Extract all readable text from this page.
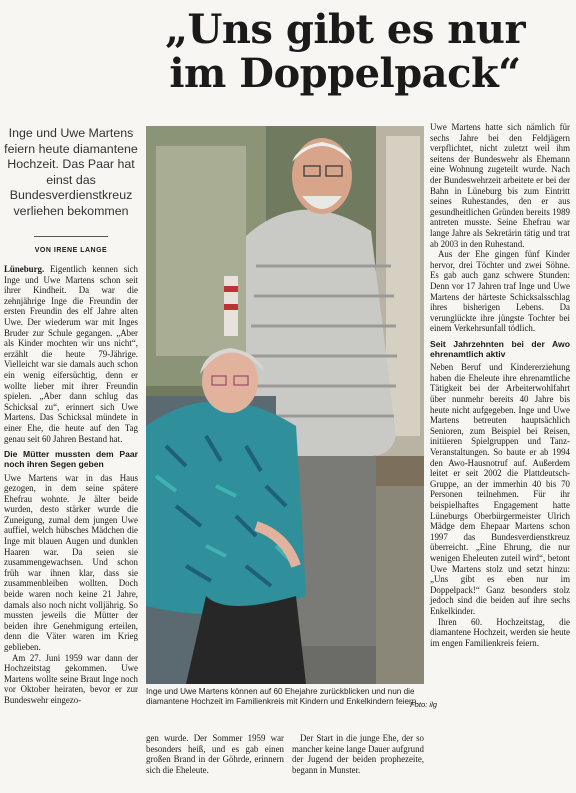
„Uns gibt es nur
im Doppelpack“
Inge und Uwe Martens feiern heute diamantene Hochzeit. Das Paar hat einst das Bundesverdienstkreuz verliehen bekommen
VON IRENE LANGE

Lüneburg. Eigentlich kennen sich Inge und Uwe Martens schon seit ihrer Kindheit. Da war die zehnjährige Inge die Freundin der ersten Freundin des elf Jahre alten Uwe. Der wiederum war mit Inges Bruder zur Schule gegangen. „Aber als Kinder mochten wir uns nicht“, erzählt die heute 79-Jährige. Vielleicht war sie damals auch schon ein wenig eifersüchtig, denn er wollte lieber mit ihrer Freundin spielen. „Aber dann schlug das Schicksal zu“, erinnert sich Uwe Martens. Das Schicksal mündete in einer Ehe, die heute auf den Tag genau seit 60 Jahren Bestand hat.

Die Mütter mussten dem Paar noch ihren Segen geben

Uwe Martens war in das Haus gezogen, in dem seine spätere Ehefrau wohnte. Je älter beide wurden, desto stärker wurde die Zuneigung, zumal dem jungen Uwe auffiel, welch hübsches Mädchen die Inge mit blauen Augen und dunklen Haaren war. Da seien sie zusammengewachsen. Und schon früh war ihnen klar, dass sie zusammenbleiben wollten. Doch beide waren noch keine 21 Jahre, damals also noch nicht volljährig. So mussten jeweils die Mütter der beiden ihre Genehmigung erteilen, denn die Väter waren im Krieg geblieben.

Am 27. Juni 1959 war dann der Hochzeitstag gekommen. Uwe Martens wollte seine Braut Inge noch vor Oktober heiraten, bevor er zur Bundeswehr eingezo-

Inge und Uwe Martens können auf 60 Ehejahre zurückblicken und nun die diamantene Hochzeit im Familienkreis mit Kindern und Enkelkindern feiern.
Foto: ilg

Uwe Martens hatte sich nämlich für sechs Jahre bei den Feldjägern verpflichtet, nicht zuletzt weil ihm seitens der Bundeswehr als Ehemann eine Wohnung zugeteilt wurde. Nach der Bundeswehrzeit arbeitete er bei der Bahn in Lüneburg bis zum Eintritt seines Ruhestandes, den er aus gesundheitlichen Gründen bereits 1989 antreten musste. Seine Ehefrau war lange Jahre als Sekretärin tätig und trat ab 2003 in den Ruhestand.

Aus der Ehe gingen fünf Kinder hervor, drei Töchter und zwei Söhne. Es gab auch ganz schwere Stunden: Denn vor 17 Jahren traf Inge und Uwe Martens der härteste Schicksalsschlag ihres bisherigen Lebens. Da verunglückte ihre jüngste Tochter bei einem Verkehrsunfall tödlich.

Seit Jahrzehnten bei der Awo ehrenamtlich aktiv

Neben Beruf und Kindererziehung haben die Eheleute ihre ehrenamtliche Tätigkeit bei der Arbeiterwohlfahrt über nunmehr bereits 40 Jahre bis heute nicht aufgegeben. Inge und Uwe Martens betreuten hauptsächlich Senioren, zum Beispiel bei Reisen, initiieren Spielgruppen und Tanz-Veranstaltungen. So baute er ab 1994 den Awo-Hausnotruf auf. Außerdem leitet er seit 2002 die Plattdeutsch-Gruppe, an der immerhin 40 bis 70 Personen teilnehmen. Für ihr beispielhaftes Engagement hatte Lüneburgs Oberbürgermeister Ulrich Mädge dem Ehepaar Martens schon 1997 das Bundesverdienstkreuz überreicht. „Eine Ehrung, die nur wenigen Eheleuten zuteil wird“, betont Uwe Martens stolz und setzt hinzu: „Uns gibt es eben nur im Doppelpack!“ Ganz besonders stolz jedoch sind die beiden auf ihre sechs Enkelkinder.

Ihren 60. Hochzeitstag, die diamantene Hochzeit, werden sie heute im engen Familienkreis feiern.

gen wurde. Der Sommer 1959 war besonders heiß, und es gab einen großen Brand in der Göhrde, erinnern sich die Eheleute.

Der Start in die junge Ehe, der so mancher keine lange Dauer aufgrund der Jugend der beiden prophezeite, begann in Munster.
